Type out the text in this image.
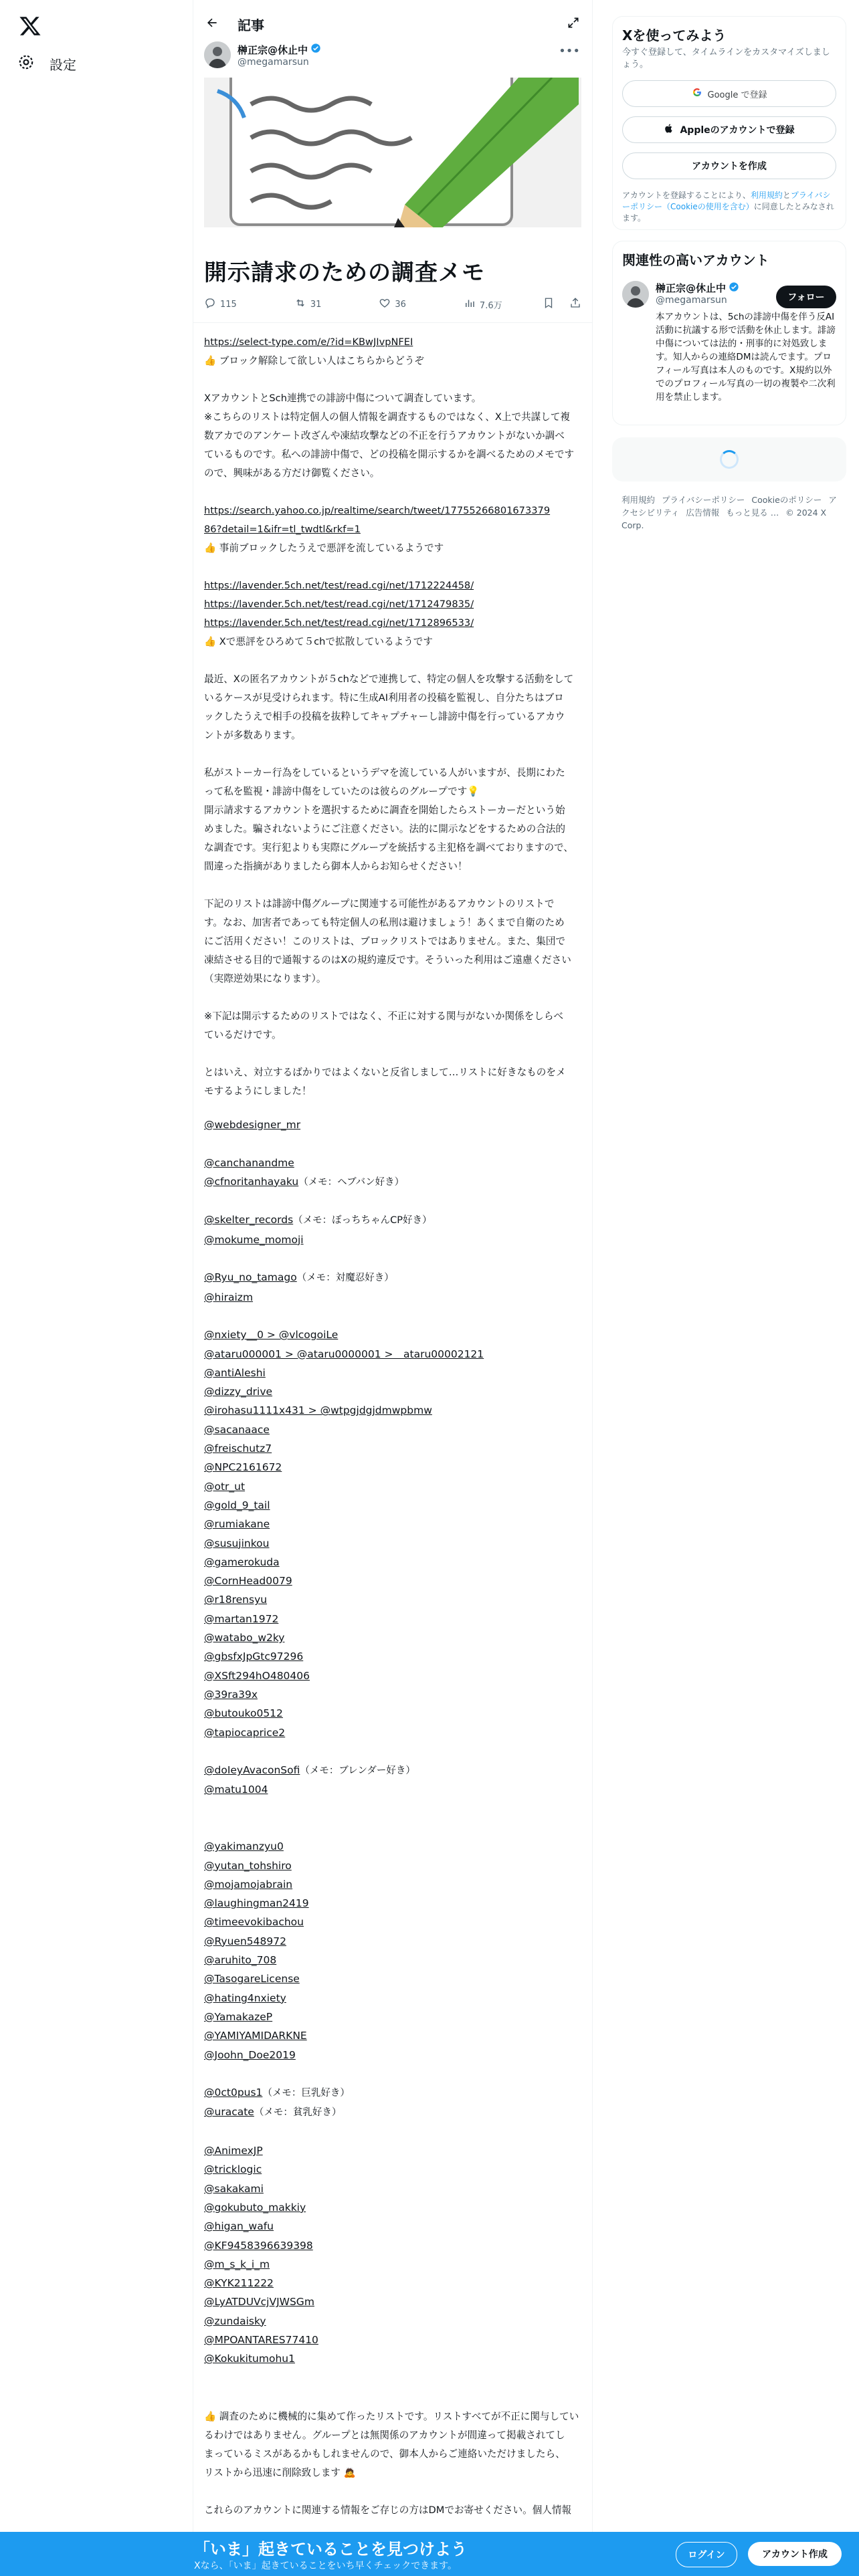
設定
記事
榊正宗@休止中
@megamarsun
•••
開示請求のための調査メモ
115	31	36	7.6万
https://select-type.com/e/?id=KBwJIvpNFEI
👍 ブロック解除して欲しい人はこちらからどうぞ

XアカウントとSch連携での誹謗中傷について調査しています。
※こちらのリストは特定個人の個人情報を調査するものではなく、X上で共謀して複
数アカでのアンケート改ざんや凍結攻撃などの不正を行うアカウントがないか調べ
ているものです。私への誹謗中傷で、どの投稿を開示するかを調べるためのメモです
ので、興味がある方だけ御覧ください。

https://search.yahoo.co.jp/realtime/search/tweet/17755266801673379
86?detail=1&ifr=tl_twdtl&rkf=1
👍 事前ブロックしたうえで悪評を流しているようです

https://lavender.5ch.net/test/read.cgi/net/1712224458/
https://lavender.5ch.net/test/read.cgi/net/1712479835/
https://lavender.5ch.net/test/read.cgi/net/1712896533/
👍 Xで悪評をひろめて５chで拡散しているようです

最近、Xの匿名アカウントが５chなどで連携して、特定の個人を攻撃する活動をして
いるケースが見受けられます。特に生成AI利用者の投稿を監視し、自分たちはブロ
ックしたうえで相手の投稿を抜粋してキャプチャーし誹謗中傷を行っているアカウ
ントが多数あります。

私がストーカー行為をしているというデマを流している人がいますが、長期にわた
って私を監視・誹謗中傷をしていたのは彼らのグループです💡
開示請求するアカウントを選択するために調査を開始したらストーカーだという始
めました。騙されないようにご注意ください。法的に開示などをするための合法的
な調査です。実行犯よりも実際にグループを統括する主犯格を調べておりますので、
間違った指摘がありましたら御本人からお知らせください！

下記のリストは誹謗中傷グループに関連する可能性があるアカウントのリストで
す。なお、加害者であっても特定個人の私刑は避けましょう！あくまで自衛のため
にご活用ください！このリストは、ブロックリストではありません。また、集団で
凍結させる目的で通報するのはXの規約違反です。そういった利用はご遠慮ください
（実際逆効果になります）。

※下記は開示するためのリストではなく、不正に対する関与がないか関係をしらべ
ているだけです。

とはいえ、対立するばかりではよくないと反省しまして…リストに好きなものをメ
モするようにしました！
@webdesigner_mr

@canchanandme
@cfnoritanhayaku（メモ：ヘブバン好き）

@skelter_records（メモ：ぼっちちゃんCP好き）
@mokume_momoji

@Ryu_no_tamago（メモ：対魔忍好き）
@hiraizm

@nxiety__0 > @vlcogoiLe
@ataru000001 > @ataru0000001 >　ataru00002121
@antiAleshi
@dizzy_drive
@irohasu1111x431 > @wtpgjdgjdmwpbmw
@sacanaace
@freischutz7
@NPC2161672
@otr_ut
@gold_9_tail
@rumiakane
@susujinkou
@gamerokuda
@CornHead0079
@r18rensyu
@martan1972
@watabo_w2ky
@gbsfxJpGtc97296
@XSft294hO480406
@39ra39x
@butouko0512
@tapiocaprice2

@doIeyAvaconSofi（メモ：ブレンダー好き）
@matu1004

@yakimanzyu0
@yutan_tohshiro
@mojamojabrain
@laughingman2419
@timeevokibachou
@Ryuen548972
@aruhito_708
@TasogareLicense
@hating4nxiety
@YamakazeP
@YAMIYAMIDARKNE
@Joohn_Doe2019

@0ct0pus1（メモ：巨乳好き）
@uracate（メモ：貧乳好き）

@AnimexJP
@tricklogic
@sakakami
@gokubuto_makkiy
@higan_wafu
@KF9458396639398
@m_s_k_i_m
@KYK211222
@LyATDUVcjVJWSGm
@zundaisky
@MPOANTARES77410
@Kokukitumohu1
👍 調査のために機械的に集めて作ったリストです。リストすべてが不正に関与してい
るわけではありません。グループとは無関係のアカウントが間違って掲載されてし
まっているミスがあるかもしれませんので、御本人からご連絡いただけましたら、
リストから迅速に削除致します 🙇

これらのアカウントに関連する情報をご存じの方はDMでお寄せください。個人情報
Xを使ってみよう
今すぐ登録して、タイムラインをカスタマイズしましょう。
Google で登録
Appleのアカウントで登録
アカウントを作成
アカウントを登録することにより、利用規約とプライバシーポリシー（Cookieの使用を含む）に同意したとみなされます。
関連性の高いアカウント
榊正宗@休止中
@megamarsun	フォロー
本アカウントは、5chの誹謗中傷を伴う反AI活動に抗議する形で活動を休止します。誹謗中傷については法的・刑事的に対処致します。知人からの連絡DMは読んでます。プロフィール写真は本人のものです。X規約以外でのプロフィール写真の一切の複製や二次利用を禁止します。
利用規約 プライバシーポリシー Cookieのポリシー アクセシビリティ 広告情報 もっと見る … © 2024 X Corp.
「いま」起きていることを見つけよう
Xなら、「いま」起きていることをいち早くチェックできます。
ログイン	アカウント作成
